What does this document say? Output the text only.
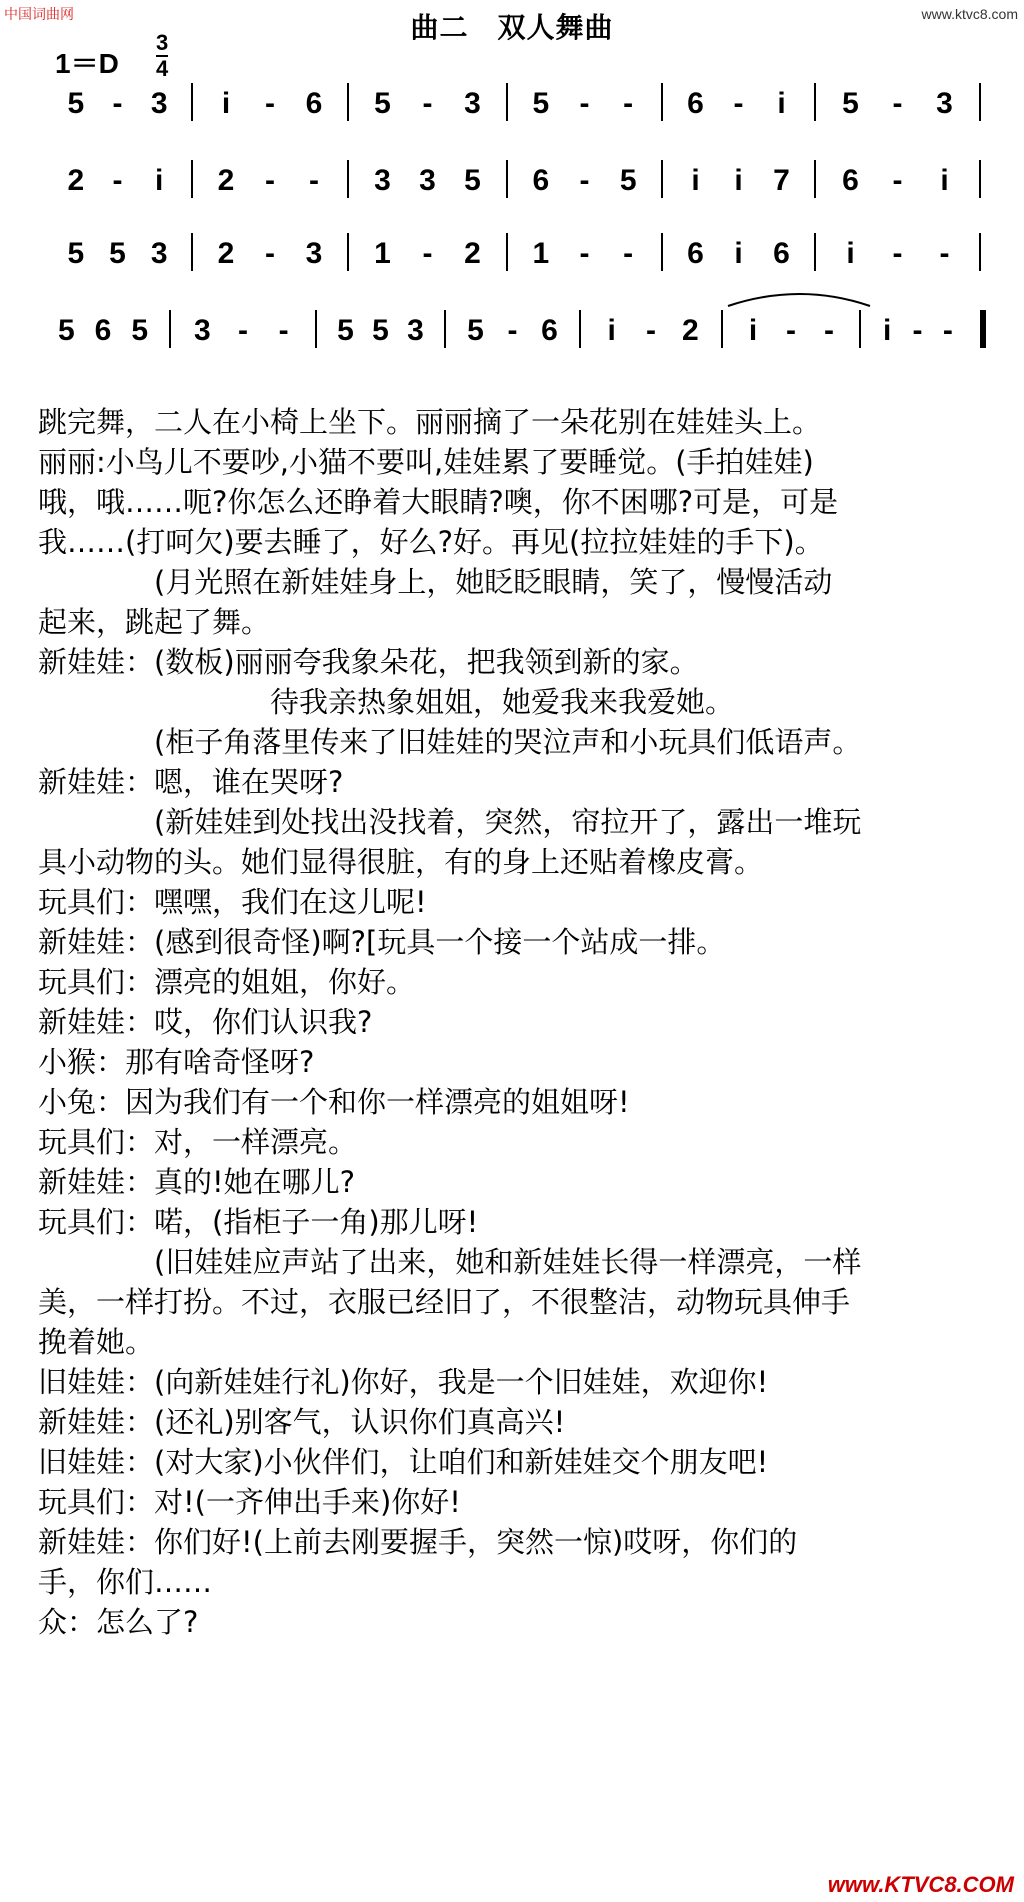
中国词曲网	www.ktvc8.com
曲二　双人舞曲
1＝D
3
4
5 - 3 i - 6 5 - 3 5 - - 6 - i 5 - 3
2 - i 2 - - 3 3 5 6 - 5 i i 7 6 - i
5 5 3 2 - 3 1 - 2 1 - - 6 i 6 i - -
5 6 5 3 - - 5 5 3 5 - 6 i - 2 i - - i - -
跳完舞，二人在小椅上坐下。丽丽摘了一朵花别在娃娃头上。
丽丽:小鸟儿不要吵,小猫不要叫,娃娃累了要睡觉。(手拍娃娃)
哦，哦……呃?你怎么还睁着大眼睛?噢，你不困哪?可是，可是
我……(打呵欠)要去睡了，好么?好。再见(拉拉娃娃的手下)。
　　　　(月光照在新娃娃身上，她眨眨眼睛，笑了，慢慢活动
起来，跳起了舞。
新娃娃：(数板)丽丽夸我象朵花，把我领到新的家。
　　　　　　　　待我亲热象姐姐，她爱我来我爱她。
　　　　(柜子角落里传来了旧娃娃的哭泣声和小玩具们低语声。
新娃娃：嗯，谁在哭呀?
　　　　(新娃娃到处找出没找着，突然，帘拉开了，露出一堆玩
具小动物的头。她们显得很脏，有的身上还贴着橡皮膏。
玩具们：嘿嘿，我们在这儿呢!
新娃娃：(感到很奇怪)啊?[玩具一个接一个站成一排。
玩具们：漂亮的姐姐，你好。
新娃娃：哎，你们认识我?
小猴：那有啥奇怪呀?
小兔：因为我们有一个和你一样漂亮的姐姐呀!
玩具们：对，一样漂亮。
新娃娃：真的!她在哪儿?
玩具们：喏，(指柜子一角)那儿呀!
　　　　(旧娃娃应声站了出来，她和新娃娃长得一样漂亮，一样
美，一样打扮。不过，衣服已经旧了，不很整洁，动物玩具伸手
挽着她。
旧娃娃：(向新娃娃行礼)你好，我是一个旧娃娃，欢迎你!
新娃娃：(还礼)别客气，认识你们真高兴!
旧娃娃：(对大家)小伙伴们，让咱们和新娃娃交个朋友吧!
玩具们：对!(一齐伸出手来)你好!
新娃娃：你们好!(上前去刚要握手，突然一惊)哎呀，你们的
手，你们……
众：怎么了?
www.KTVC8.COM
